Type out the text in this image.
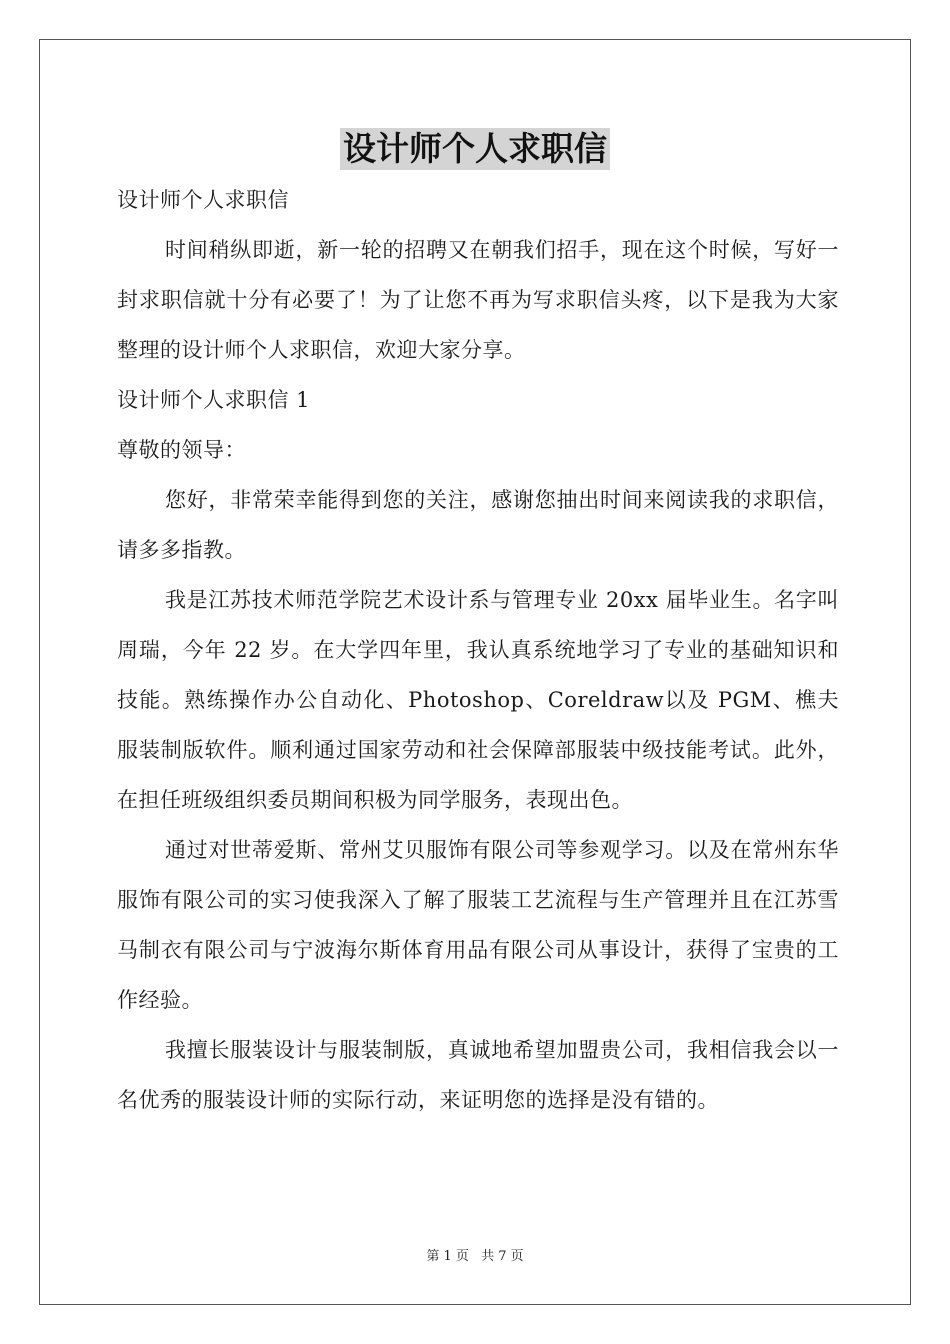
设计师个人求职信

设计师个人求职信

时间稍纵即逝，新一轮的招聘又在朝我们招手，现在这个时候，写好一封求职信就十分有必要了！为了让您不再为写求职信头疼，以下是我为大家整理的设计师个人求职信，欢迎大家分享。

设计师个人求职信 1

尊敬的领导：

您好，非常荣幸能得到您的关注，感谢您抽出时间来阅读我的求职信，请多多指教。

我是江苏技术师范学院艺术设计系与管理专业 20xx 届毕业生。名字叫周瑞，今年 22 岁。在大学四年里，我认真系统地学习了专业的基础知识和技能。熟练操作办公自动化、Photoshop、Coreldraw以及 PGM、樵夫服装制版软件。顺利通过国家劳动和社会保障部服装中级技能考试。此外，在担任班级组织委员期间积极为同学服务，表现出色。

通过对世蒂爱斯、常州艾贝服饰有限公司等参观学习。以及在常州东华服饰有限公司的实习使我深入了解了服装工艺流程与生产管理并且在江苏雪马制衣有限公司与宁波海尔斯体育用品有限公司从事设计，获得了宝贵的工作经验。

我擅长服装设计与服装制版，真诚地希望加盟贵公司，我相信我会以一名优秀的服装设计师的实际行动，来证明您的选择是没有错的。

第 1 页 共 7 页
